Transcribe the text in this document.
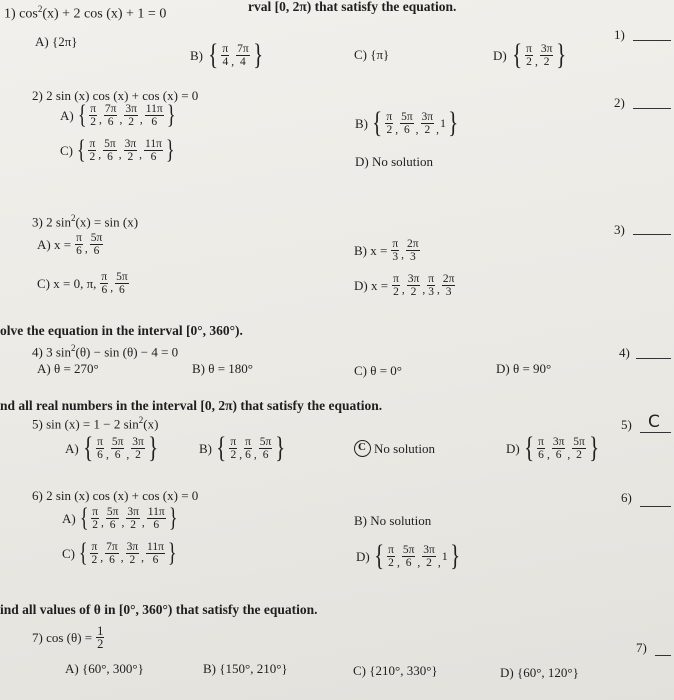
1) $\cos^2(x) + 2$ cos (x) + 1 = 0
rval [0, 2π) that satisfy the equation.
1)
A) {2π}
B) { $\frac{\pi}{4}$ , $\frac{7\pi}{4}$ }	C) {π}	D) { $\frac{\pi}{2}$ , $\frac{3\pi}{2}$ }
2) 2 sin (x) cos (x) + cos (x) = 0	2)
A) { $\frac{\pi}{2}$ , $\frac{7\pi}{6}$ , $\frac{3\pi}{2}$ , $\frac{11\pi}{6}$ }	B) { $\frac{\pi}{2}$ , $\frac{5\pi}{6}$ , $\frac{3\pi}{2}$ , 1 }
C) { $\frac{\pi}{2}$ , $\frac{5\pi}{6}$ , $\frac{3\pi}{2}$ , $\frac{11\pi}{6}$ }	D) No solution
3) 2 $\sin^2(x) = \sin (x)$
3)
A) $x = \frac{\pi}{6}$ , $\frac{5\pi}{6}$	B) $x = \frac{\pi}{3}$ , $\frac{2\pi}{3}$
C) x = 0, π, $\frac{\pi}{6}$ , $\frac{5\pi}{6}$	D) $x = \frac{\pi}{2}$ , $\frac{3\pi}{2}$ , $\frac{\pi}{3}$ , $\frac{2\pi}{3}$
olve the equation in the interval [0°, 360°).
4) 3 $\sin^2(\theta) - \sin (\theta) - 4 = 0$	4)
A) θ = 270°	B) θ = 180°	C) θ = 0°	D) θ = 90°
nd all real numbers in the interval [0, 2π) that satisfy the equation.
5) sin (x) = 1 − 2 $\sin^2(x)$	5) C
A) { $\frac{\pi}{6}$ , $\frac{5\pi}{6}$ , $\frac{3\pi}{2}$ }	B) { $\frac{\pi}{2}$ , $\frac{\pi}{6}$ , $\frac{5\pi}{6}$ }	C No solution	D) { $\frac{\pi}{6}$ , $\frac{3\pi}{6}$ , $\frac{5\pi}{2}$ }
6) 2 sin (x) cos (x) + cos (x) = 0	6)
A) { $\frac{\pi}{2}$ , $\frac{5\pi}{6}$ , $\frac{3\pi}{2}$ , $\frac{11\pi}{6}$ }	B) No solution
C) { $\frac{\pi}{2}$ , $\frac{7\pi}{6}$ , $\frac{3\pi}{2}$ , $\frac{11\pi}{6}$ }	D) { $\frac{\pi}{2}$ , $\frac{5\pi}{6}$ , $\frac{3\pi}{2}$ , 1 }
ind all values of θ in [0°, 360°) that satisfy the equation.
7) $\cos (\theta) = \frac{1}{2}$	7)
A) {60°, 300°}	B) {150°, 210°}	C) {210°, 330°}	D) {60°, 120°}
